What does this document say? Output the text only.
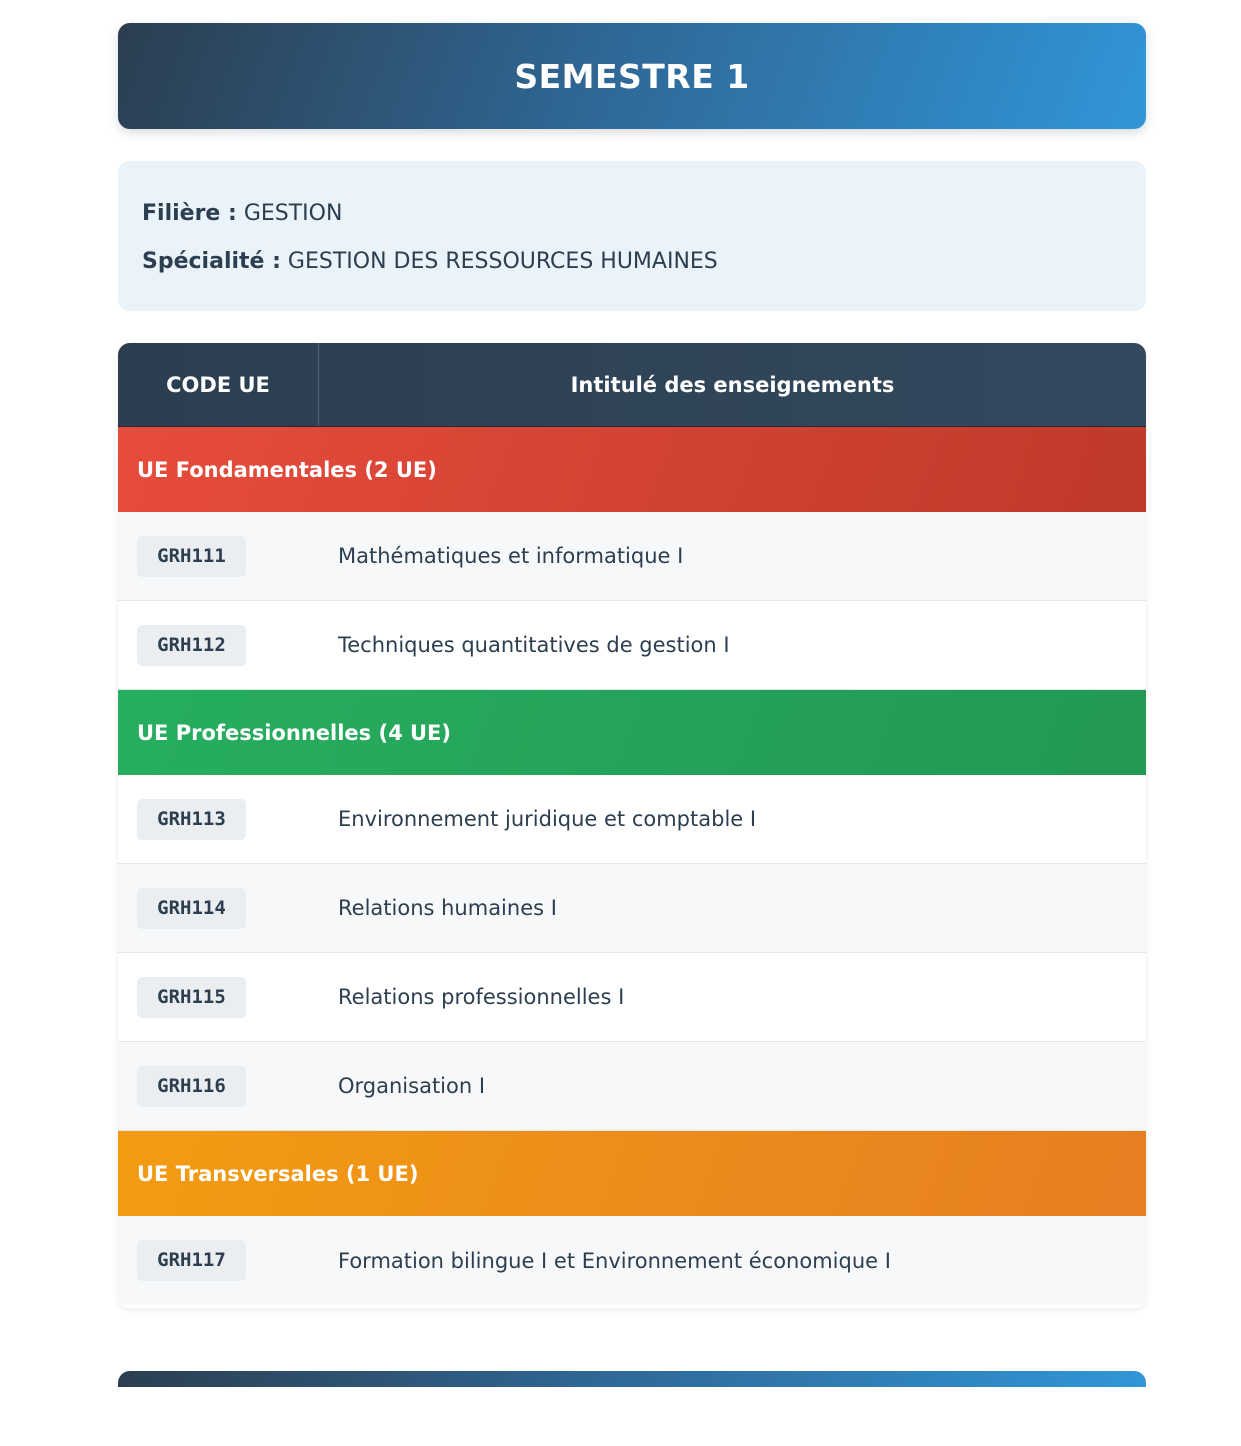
SEMESTRE 1
Filière : GESTION
Spécialité : GESTION DES RESSOURCES HUMAINES
CODE UE	Intitulé des enseignements
UE Fondamentales (2 UE)
GRH111	Mathématiques et informatique I
GRH112	Techniques quantitatives de gestion I
UE Professionnelles (4 UE)
GRH113	Environnement juridique et comptable I
GRH114	Relations humaines I
GRH115	Relations professionnelles I
GRH116	Organisation I
UE Transversales (1 UE)
GRH117	Formation bilingue I et Environnement économique I
